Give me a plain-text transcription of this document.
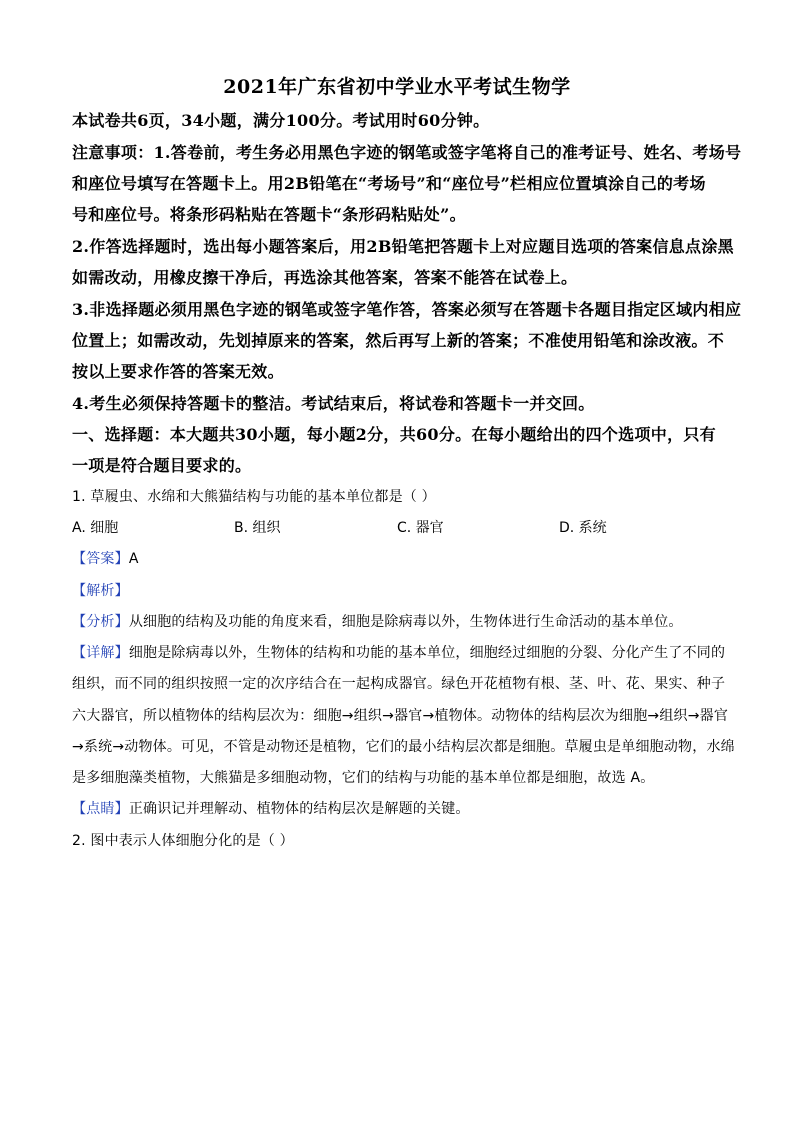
2021年广东省初中学业水平考试生物学
本试卷共6页，34小题，满分100分。考试用时60分钟。
注意事项：1.答卷前，考生务必用黑色字迹的钢笔或签字笔将自己的准考证号、姓名、考场号
和座位号填写在答题卡上。用2B铅笔在“考场号”和“座位号”栏相应位置填涂自己的考场
号和座位号。将条形码粘贴在答题卡“条形码粘贴处”。
2.作答选择题时，选出每小题答案后，用2B铅笔把答题卡上对应题目选项的答案信息点涂黑
如需改动，用橡皮擦干净后，再选涂其他答案，答案不能答在试卷上。
3.非选择题必须用黑色字迹的钢笔或签字笔作答，答案必须写在答题卡各题目指定区域内相应
位置上；如需改动，先划掉原来的答案，然后再写上新的答案；不准使用铅笔和涂改液。不
按以上要求作答的答案无效。
4.考生必须保持答题卡的整洁。考试结束后，将试卷和答题卡一并交回。
一、选择题：本大题共30小题，每小题2分，共60分。在每小题给出的四个选项中，只有
一项是符合题目要求的。
1. 草履虫、水绵和大熊猫结构与功能的基本单位都是（ ）
A. 细胞	B. 组织	C. 器官	D. 系统
【答案】A
【解析】
【分析】从细胞的结构及功能的角度来看，细胞是除病毒以外，生物体进行生命活动的基本单位。
【详解】细胞是除病毒以外，生物体的结构和功能的基本单位，细胞经过细胞的分裂、分化产生了不同的
组织，而不同的组织按照一定的次序结合在一起构成器官。绿色开花植物有根、茎、叶、花、果实、种子
六大器官，所以植物体的结构层次为：细胞→组织→器官→植物体。动物体的结构层次为细胞→组织→器官
→系统→动物体。可见，不管是动物还是植物，它们的最小结构层次都是细胞。草履虫是单细胞动物，水绵
是多细胞藻类植物，大熊猫是多细胞动物，它们的结构与功能的基本单位都是细胞，故选 A。
【点睛】正确识记并理解动、植物体的结构层次是解题的关键。
2. 图中表示人体细胞分化的是（ ）
